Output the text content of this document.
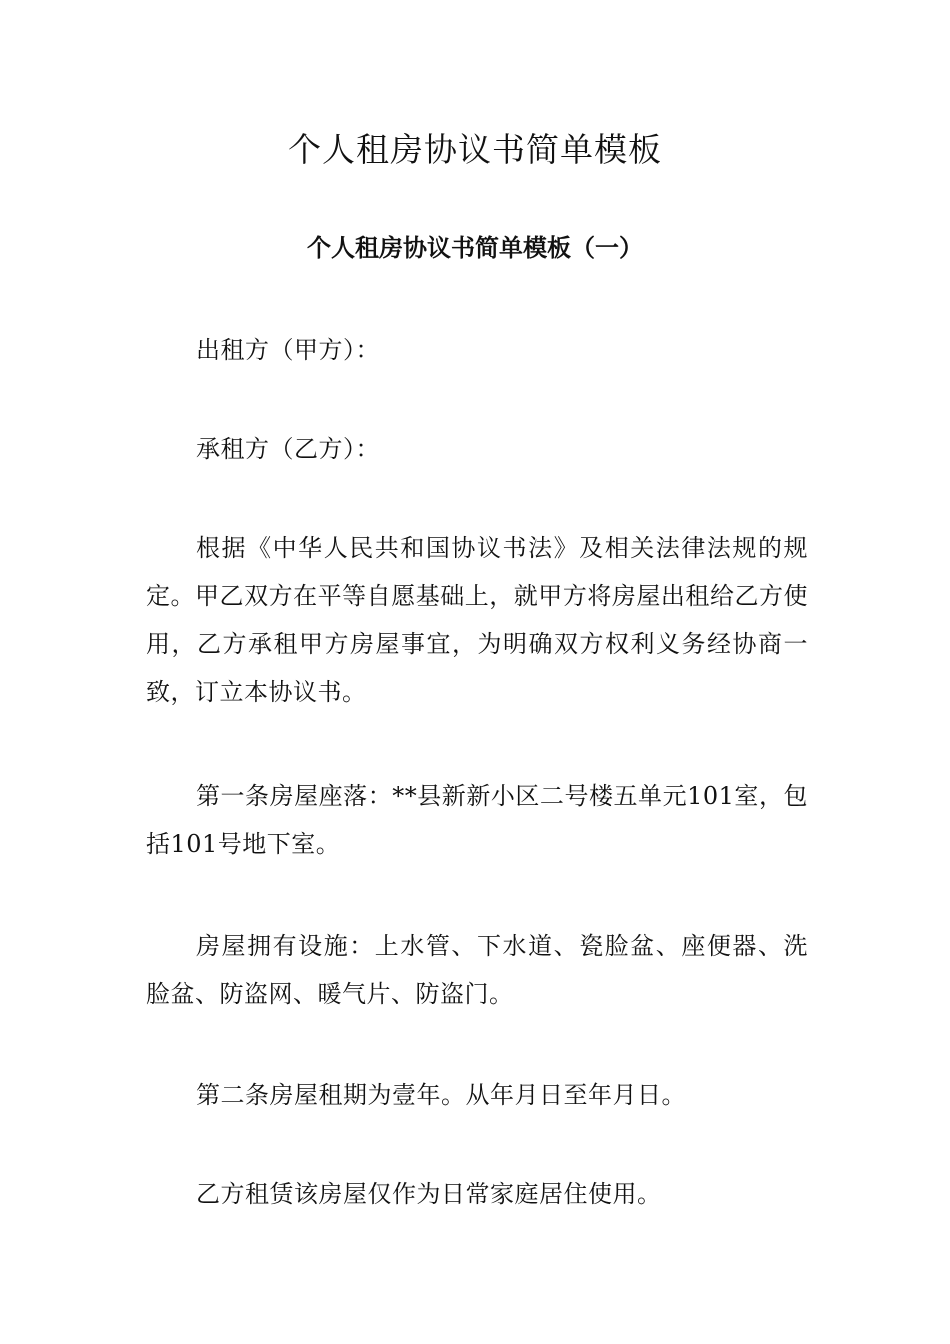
个人租房协议书简单模板
个人租房协议书简单模板（一）

出租方（甲方）：

承租方（乙方）：

根据《中华人民共和国协议书法》及相关法律法规的规定。甲乙双方在平等自愿基础上，就甲方将房屋出租给乙方使用，乙方承租甲方房屋事宜，为明确双方权利义务经协商一致，订立本协议书。

第一条房屋座落：**县新新小区二号楼五单元101室，包括101号地下室。

房屋拥有设施：上水管、下水道、瓷脸盆、座便器、洗脸盆、防盗网、暖气片、防盗门。

第二条房屋租期为壹年。从年月日至年月日。

乙方租赁该房屋仅作为日常家庭居住使用。
